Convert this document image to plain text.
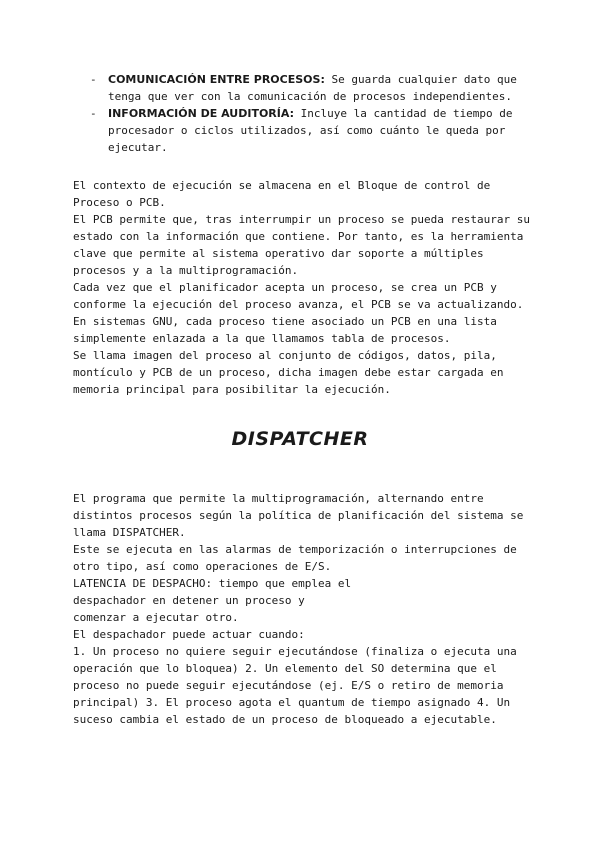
- COMUNICACIÓN ENTRE PROCESOS: Se guarda cualquier dato que tenga que ver con la comunicación de procesos independientes.
- INFORMACIÓN DE AUDITORÍA: Incluye la cantidad de tiempo de procesador o ciclos utilizados, así como cuánto le queda por ejecutar.

El contexto de ejecución se almacena en el Bloque de control de Proceso o PCB.

El PCB permite que, tras interrumpir un proceso se pueda restaurar su estado con la información que contiene. Por tanto, es la herramienta clave que permite al sistema operativo dar soporte a múltiples procesos y a la multiprogramación.

Cada vez que el planificador acepta un proceso, se crea un PCB y conforme la ejecución del proceso avanza, el PCB se va actualizando.

En sistemas GNU, cada proceso tiene asociado un PCB en una lista simplemente enlazada a la que llamamos tabla de procesos.

Se llama imagen del proceso al conjunto de códigos, datos, pila, montículo y PCB de un proceso, dicha imagen debe estar cargada en memoria principal para posibilitar la ejecución.

DISPATCHER

El programa que permite la multiprogramación, alternando entre distintos procesos según la política de planificación del sistema se llama DISPATCHER.

Este se ejecuta en las alarmas de temporización o interrupciones de otro tipo, así como operaciones de E/S.

LATENCIA DE DESPACHO: tiempo que emplea el

despachador en detener un proceso y

comenzar a ejecutar otro.

El despachador puede actuar cuando:

1. Un proceso no quiere seguir ejecutándose (finaliza o ejecuta una operación que lo bloquea) 2. Un elemento del SO determina que el proceso no puede seguir ejecutándose (ej. E/S o retiro de memoria principal) 3. El proceso agota el quantum de tiempo asignado 4. Un suceso cambia el estado de un proceso de bloqueado a ejecutable.
